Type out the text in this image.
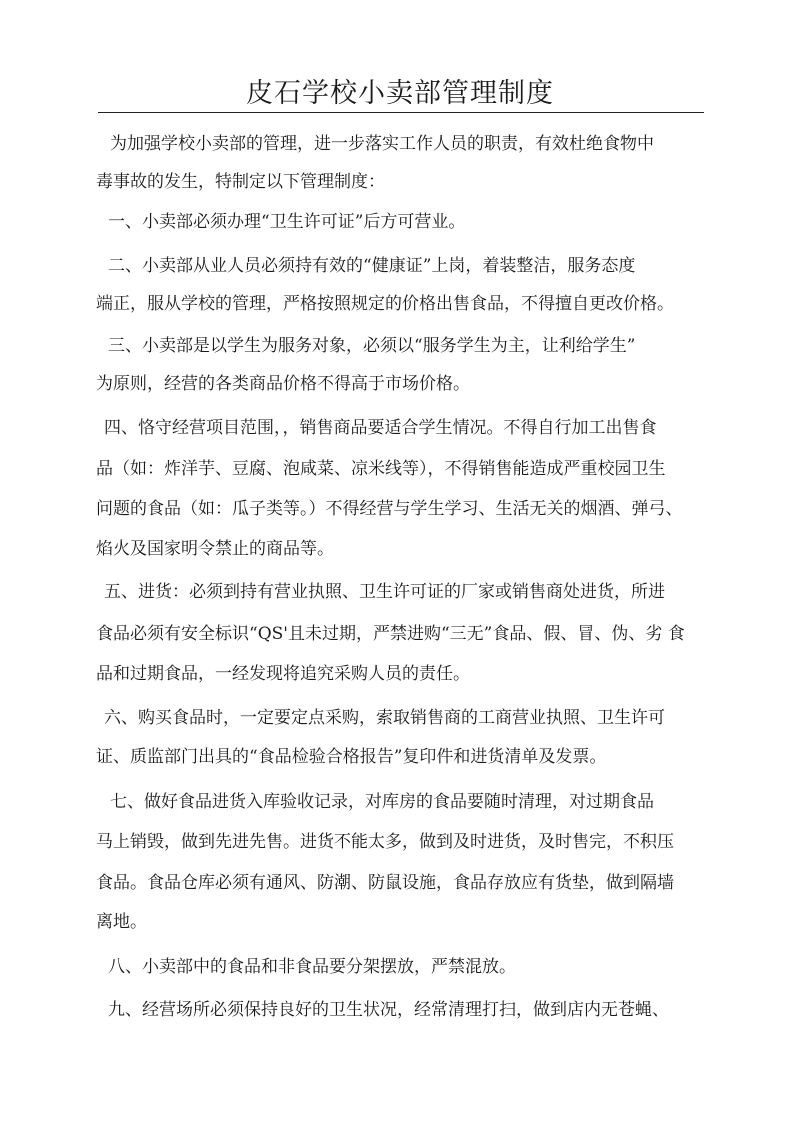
皮石学校小卖部管理制度
为加强学校小卖部的管理，进一步落实工作人员的职责，有效杜绝食物中
毒事故的发生，特制定以下管理制度：
一、小卖部必须办理“卫生许可证”后方可营业。
二、小卖部从业人员必须持有效的“健康证”上岗，着装整洁，服务态度
端正，服从学校的管理，严格按照规定的价格出售食品，不得擅自更改价格。
三、小卖部是以学生为服务对象，必须以“服务学生为主，让利给学生”
为原则，经营的各类商品价格不得高于市场价格。
四、恪守经营项目范围，，销售商品要适合学生情况。不得自行加工出售食
品（如：炸洋芋、豆腐、泡咸菜、凉米线等），不得销售能造成严重校园卫生
问题的食品（如：瓜子类等。）不得经营与学生学习、生活无关的烟酒、弹弓、
焰火及国家明令禁止的商品等。
五、进货：必须到持有营业执照、卫生许可证的厂家或销售商处进货，所进
食品必须有安全标识“QS'且未过期，严禁进购“三无”食品、假、冒、伪、劣 食
品和过期食品，一经发现将追究采购人员的责任。
六、购买食品时，一定要定点采购，索取销售商的工商营业执照、卫生许可
证、质监部门出具的“食品检验合格报告”复印件和进货清单及发票。
七、做好食品进货入库验收记录，对库房的食品要随时清理，对过期食品
马上销毁，做到先进先售。进货不能太多，做到及时进货，及时售完，不积压
食品。食品仓库必须有通风、防潮、防鼠设施，食品存放应有货垫，做到隔墙
离地。
八、小卖部中的食品和非食品要分架摆放，严禁混放。
九、经营场所必须保持良好的卫生状况，经常清理打扫，做到店内无苍蝇、
